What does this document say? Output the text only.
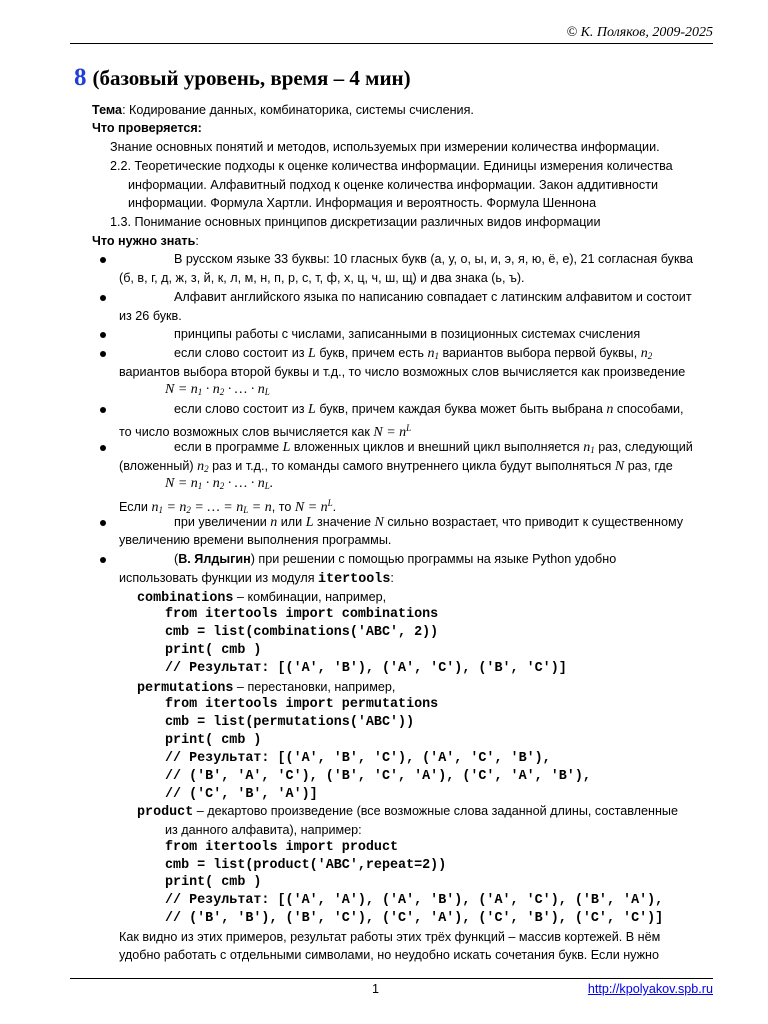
© К. Поляков, 2009-2025
8 (базовый уровень, время – 4 мин)
Тема: Кодирование данных, комбинаторика, системы счисления.
Что проверяется:
Знание основных понятий и методов, используемых при измерении количества информации.
2.2. Теоретические подходы к оценке количества информации. Единицы измерения количества
информации. Алфавитный подход к оценке количества информации. Закон аддитивности
информации. Формула Хартли. Информация и вероятность. Формула Шеннона
1.3. Понимание основных принципов дискретизации различных видов информации
Что нужно знать:
В русском языке 33 буквы: 10 гласных букв (а, у, о, ы, и, э, я, ю, ё, е), 21 согласная буква
(б, в, г, д, ж, з, й, к, л, м, н, п, р, с, т, ф, х, ц, ч, ш, щ) и два знака (ь, ъ).
Алфавит английского языка по написанию совпадает с латинским алфавитом и состоит
из 26 букв.
принципы работы с числами, записанными в позиционных системах счисления
если слово состоит из L букв, причем есть $n_1$ вариантов выбора первой буквы, $n_2$
вариантов выбора второй буквы и т.д., то число возможных слов вычисляется как произведение
$N = n_1 \cdot n_2$ · … · $n_L$
если слово состоит из L букв, причем каждая буква может быть выбрана n способами,
то число возможных слов вычисляется как $N = n^L$
если в программе L вложенных циклов и внешний цикл выполняется $n_1$ раз, следующий
(вложенный) $n_2$ раз и т.д., то команды самого внутреннего цикла будут выполняться N раз, где
$N = n_1 \cdot n_2$ · … · $n_L$.
Если $n_1 = n_2$ = … = $n_L = n$, то $N = n^L$.
при увеличении n или L значение N сильно возрастает, что приводит к существенному
увеличению времени выполнения программы.
(В. Ялдыгин) при решении с помощью программы на языке Python удобно
использовать функции из модуля itertools:
combinations – комбинации, например,
from itertools import combinations
cmb = list(combinations('ABC', 2))
print( cmb )
// Результат: [('A', 'B'), ('A', 'C'), ('B', 'C')]
permutations – перестановки, например,
from itertools import permutations
cmb = list(permutations('ABC'))
print( cmb )
// Результат: [('A', 'B', 'C'), ('A', 'C', 'B'),
// ('B', 'A', 'C'), ('B', 'C', 'A'), ('C', 'A', 'B'),
// ('C', 'B', 'A')]
product – декартово произведение (все возможные слова заданной длины, составленные
из данного алфавита), например:
from itertools import product
cmb = list(product('ABC',repeat=2))
print( cmb )
// Результат: [('A', 'A'), ('A', 'B'), ('A', 'C'), ('B', 'A'),
// ('B', 'B'), ('B', 'C'), ('C', 'A'), ('C', 'B'), ('C', 'C')]
Как видно из этих примеров, результат работы этих трёх функций – массив кортежей. В нём
удобно работать с отдельными символами, но неудобно искать сочетания букв. Если нужно
1	http://kpolyakov.spb.ru
